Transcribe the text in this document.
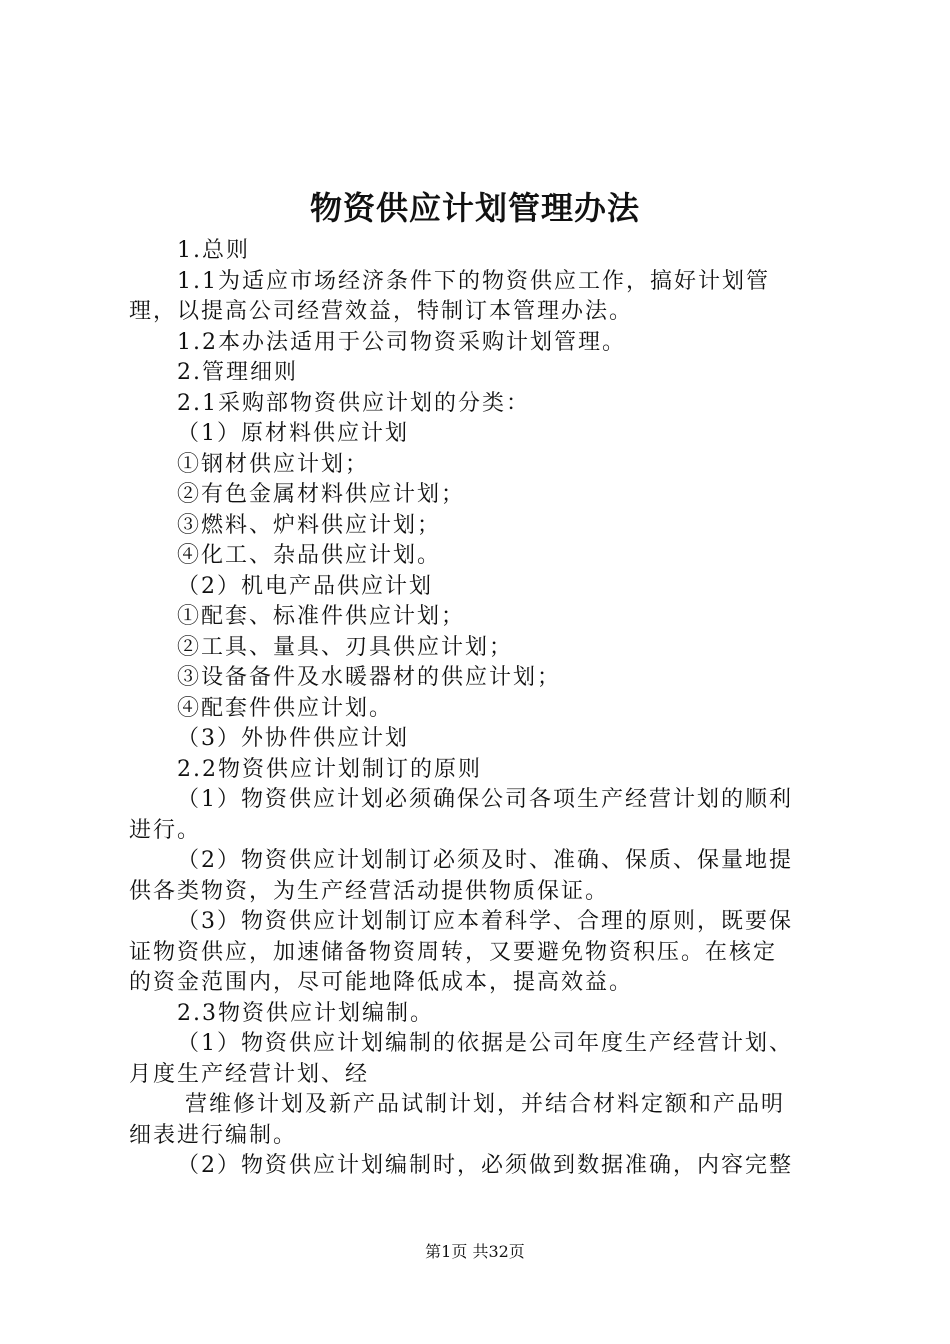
物资供应计划管理办法

1.总则

1.1为适应市场经济条件下的物资供应工作，搞好计划管

理，以提高公司经营效益，特制订本管理办法。

1.2本办法适用于公司物资采购计划管理。

2.管理细则

2.1采购部物资供应计划的分类：

（1）原材料供应计划

①钢材供应计划；

②有色金属材料供应计划；

③燃料、炉料供应计划；

④化工、杂品供应计划。

（2）机电产品供应计划

①配套、标准件供应计划；

②工具、量具、刃具供应计划；

③设备备件及水暖器材的供应计划；

④配套件供应计划。

（3）外协件供应计划

2.2物资供应计划制订的原则

（1）物资供应计划必须确保公司各项生产经营计划的顺利

进行。

（2）物资供应计划制订必须及时、准确、保质、保量地提

供各类物资，为生产经营活动提供物质保证。

（3）物资供应计划制订应本着科学、合理的原则，既要保

证物资供应，加速储备物资周转，又要避免物资积压。在核定

的资金范围内，尽可能地降低成本，提高效益。

2.3物资供应计划编制。

（1）物资供应计划编制的依据是公司年度生产经营计划、

月度生产经营计划、经

营维修计划及新产品试制计划，并结合材料定额和产品明

细表进行编制。

（2）物资供应计划编制时，必须做到数据准确，内容完整

第1页 共32页
